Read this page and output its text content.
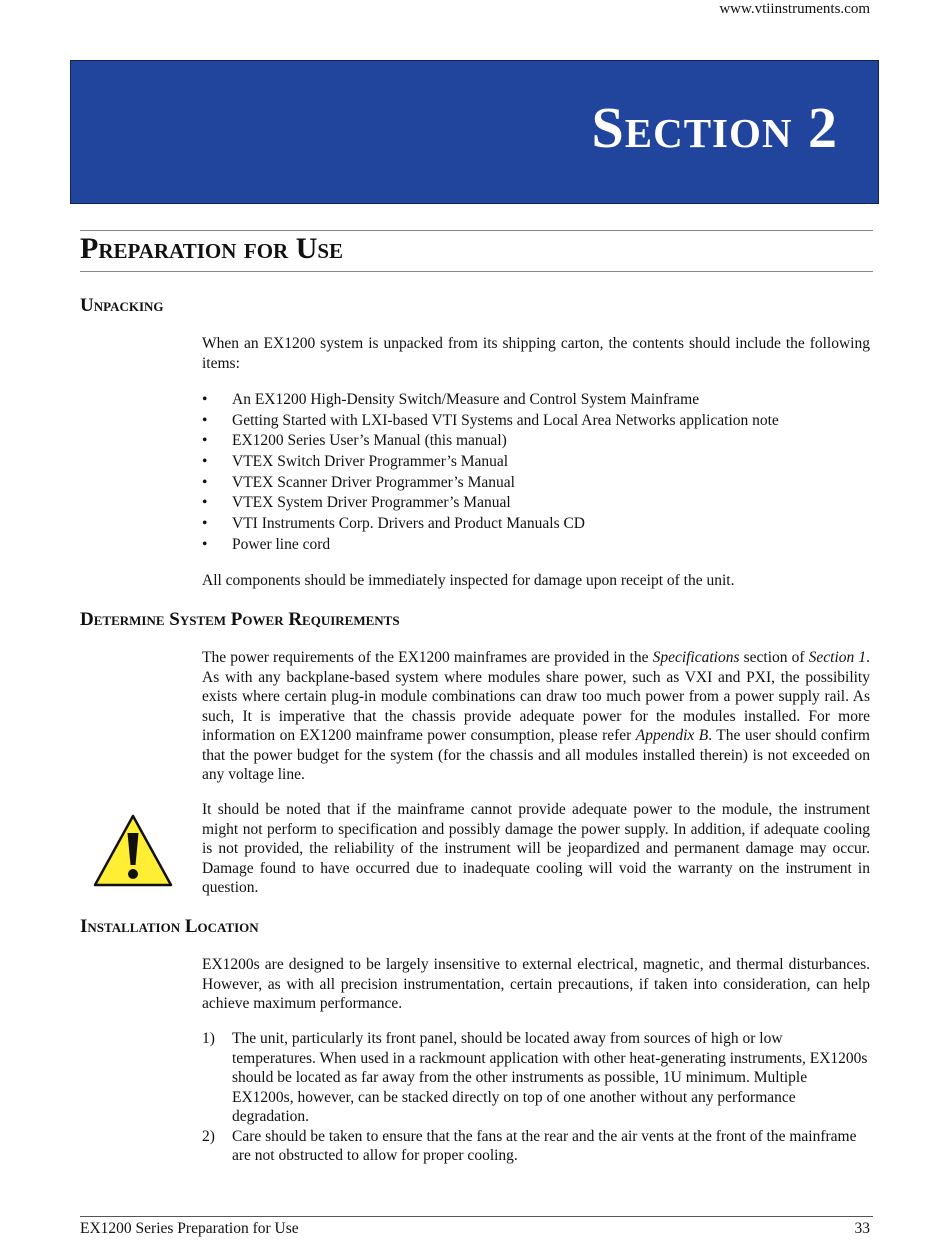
www.vtiinstruments.com
Section 2
Preparation for Use
Unpacking

When an EX1200 system is unpacked from its shipping carton, the contents should include the following items:

• An EX1200 High-Density Switch/Measure and Control System Mainframe
• Getting Started with LXI-based VTI Systems and Local Area Networks application note
• EX1200 Series User’s Manual (this manual)
• VTEX Switch Driver Programmer’s Manual
• VTEX Scanner Driver Programmer’s Manual
• VTEX System Driver Programmer’s Manual
• VTI Instruments Corp. Drivers and Product Manuals CD
• Power line cord

All components should be immediately inspected for damage upon receipt of the unit.

Determine System Power Requirements

The power requirements of the EX1200 mainframes are provided in the Specifications section of Section 1. As with any backplane-based system where modules share power, such as VXI and PXI, the possibility exists where certain plug-in module combinations can draw too much power from a power supply rail. As such, It is imperative that the chassis provide adequate power for the modules installed. For more information on EX1200 mainframe power consumption, please refer Appendix B. The user should confirm that the power budget for the system (for the chassis and all modules installed therein) is not exceeded on any voltage line.

It should be noted that if the mainframe cannot provide adequate power to the module, the instrument might not perform to specification and possibly damage the power supply. In addition, if adequate cooling is not provided, the reliability of the instrument will be jeopardized and permanent damage may occur. Damage found to have occurred due to inadequate cooling will void the warranty on the instrument in question.

Installation Location

EX1200s are designed to be largely insensitive to external electrical, magnetic, and thermal disturbances. However, as with all precision instrumentation, certain precautions, if taken into consideration, can help achieve maximum performance.

1) The unit, particularly its front panel, should be located away from sources of high or low temperatures. When used in a rackmount application with other heat-generating instruments, EX1200s should be located as far away from the other instruments as possible, 1U minimum. Multiple EX1200s, however, can be stacked directly on top of one another without any performance degradation.
2) Care should be taken to ensure that the fans at the rear and the air vents at the front of the mainframe are not obstructed to allow for proper cooling.
EX1200 Series Preparation for Use	33
